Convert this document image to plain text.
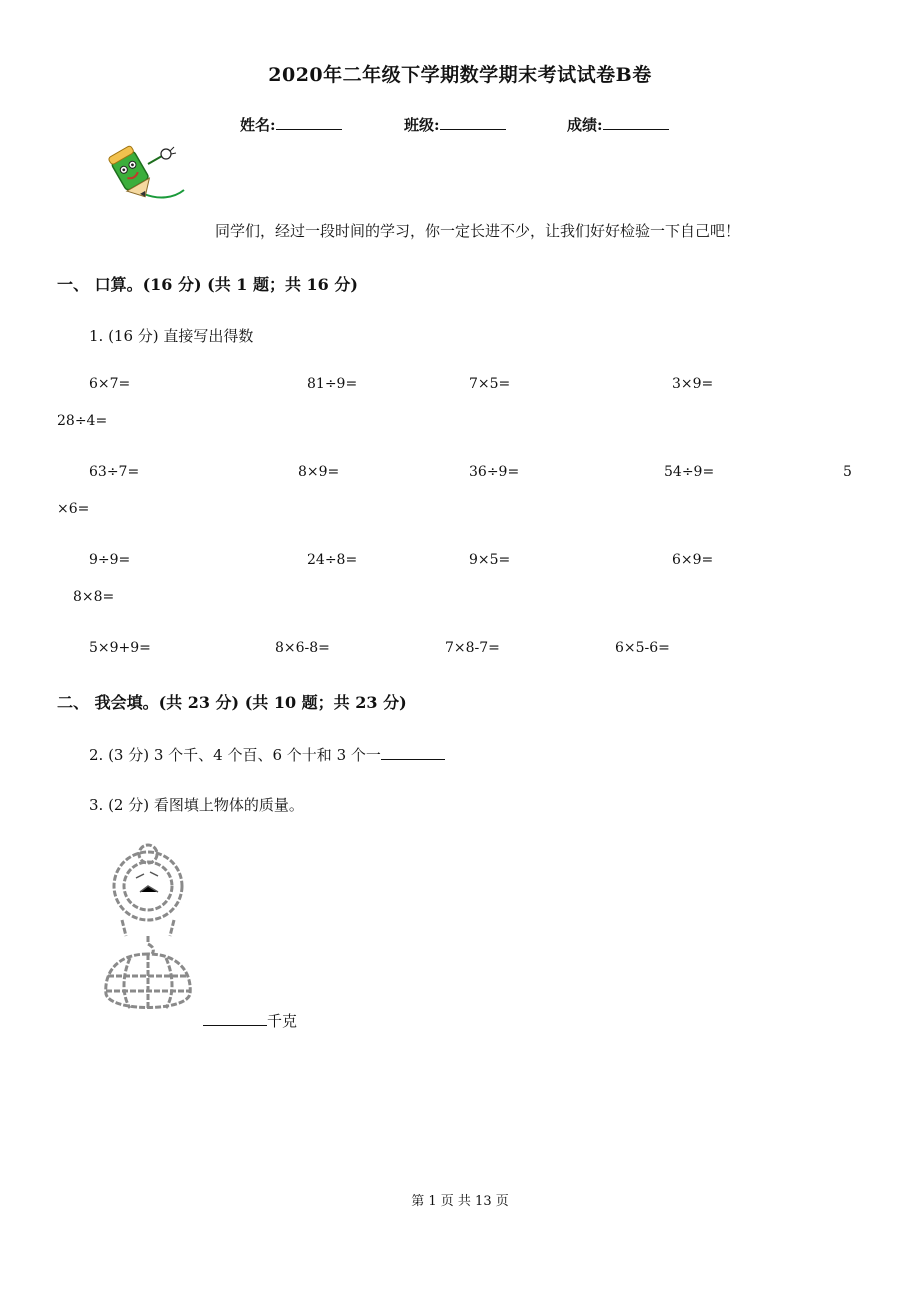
2020年二年级下学期数学期末考试试卷B卷
姓名:	班级:	成绩:
同学们，经过一段时间的学习，你一定长进不少，让我们好好检验一下自己吧！
一、 口算。(16 分) (共 1 题；共 16 分)
1. (16 分) 直接写出得数
6×7=	81÷9=	7×5=	3×9=
28÷4=
63÷7=	8×9=	36÷9=	54÷9=	5
×6=
9÷9=	24÷8=	9×5=	6×9=
8×8=
5×9+9=	8×6-8=	7×8-7=	6×5-6=
二、 我会填。(共 23 分) (共 10 题；共 23 分)
2. (3 分) 3 个千、4 个百、6 个十和 3 个一
3. (2 分) 看图填上物体的质量。
千克
第 1 页 共 13 页
